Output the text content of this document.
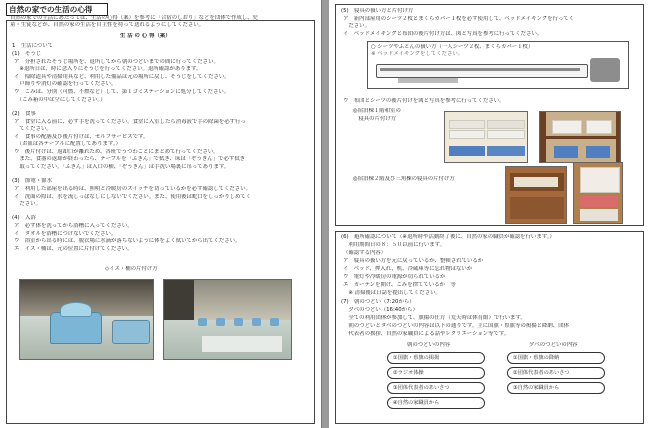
自然の家での生活の心得
自然の家での生活にあたっては、生活の心得（案）を参考に「合宿のしおり」などを団体で作成し、児
童・生徒などが、自然の家の生活を自主性を持って送れるようにしてください。
生 活 の 心 得（案）
1　生活について
(1)　そうじ
ア　分担されたそうじ場所を、退所してから朝のつどいまでの間に行ってください。
　※退所日は、時に念入りにそうじを行ってください。退所確認があります。
イ　掃除道具や清掃用具など、利用した備品は元の場所に戻し、そうじをしてください。
　戸締りや消灯の確認を行ってください。
ウ　ごみは、分別（可燃、不燃など）して、第１ゴミステーションに処分してください。
　（ごみ箱の中は空にしてください。）
(2)　食事
ア　食堂に入る前に、必ず手を洗ってください。食堂に入室したら消毒液で手の除菌を必ず行っ
　てください。
イ　食事の配膳及び後片付けは、セルフサービスです。
　（お皿は各テーブルに配置してあります。）
ウ　後片付けは、返却口が離れため、各班でうつわごとにまとめて行ってください。
　また、食器の返却が終わったら、テーブルを「ふきん」で拭き、床は「ぞうきん」で必ず拭き
　取ってください。「ふきん」は入口の横、「ぞうきん」は手洗い場裏に吊ってあります。
(3)　節電・節水
ア　利用した部屋を出る時は、照明と冷暖房のスイッチを切っているかを必ず確認してください。
イ　洗面の際は、水を流しっぱなしにしないでください。また、使用後は蛇口をしっかりしめてく
　ださい。
(4)　入浴
ア　必ず体を洗ってから浴槽に入ってください。
イ　タオルを浴槽につけないでください。
ウ　浴室から出る時には、脱衣場に水滴が落ちないように体をよく拭いてから出てください。
エ　イス・桶は、元の位置に片付けてください。
◇イス・桶の片付け方
(5)　寝具の扱い方と片付け方
ア　新内部屋用のシーツ２枚とまくらカバー１枚を必ず使用して、ベッドメイキングを行ってく
　ださい。
イ　ベッドメイキングと布団の後片付け方は、図と写真を参考に行ってください。
○ シーツやふとんの扱い方（一人シーツ２枚、まくらカバー１枚）
※ ベッドメイキングをしてください。
ウ　布団とシーツの後片付けを図と写真を参考に行ってください。
◎宿泊棟１階和室の
　寝具の片付け方
◎宿泊棟２階及び三角棟の寝具の片付け方
(6)　避所確認について（※退所時や活動終了後に、自然の家の職員が確認を行います。）
　利用期間日の８：５０以前に行います。
〈確認する内容〉
ア　寝具の扱い方を元に戻っているか、整頓されているか
イ　ベッド、押入れ、机、冷蔵庫等に忘れ物はないか
ウ　電灯や冷暖房の電源が切られているか
エ　カーテンを開け、ごみを捨てているか　等
　※ 清掃後は日誌を提出してください。
(7)　朝のつどい（7:20から）
　夕べのつどい（16:40から）
　全ての利用団体が参加して、旗揚の仕方（荒天時は体育館）で行います。
　朝のつどいとタベのつどいの内容は以下の通りです。主に国旗・県旗等の掲揚と降納、団体
　代表者の挨拶、自然の家職員による話やレクリエーション等です。
朝のつどいの内容	夕べのつどいの内容
①国旗・県旗の掲揚
②ラジオ体操
③団体代表者のあいさつ
④自然の家職員から
①国旗・県旗の降納
②団体代表者のあいさつ
③自然の家職員から
